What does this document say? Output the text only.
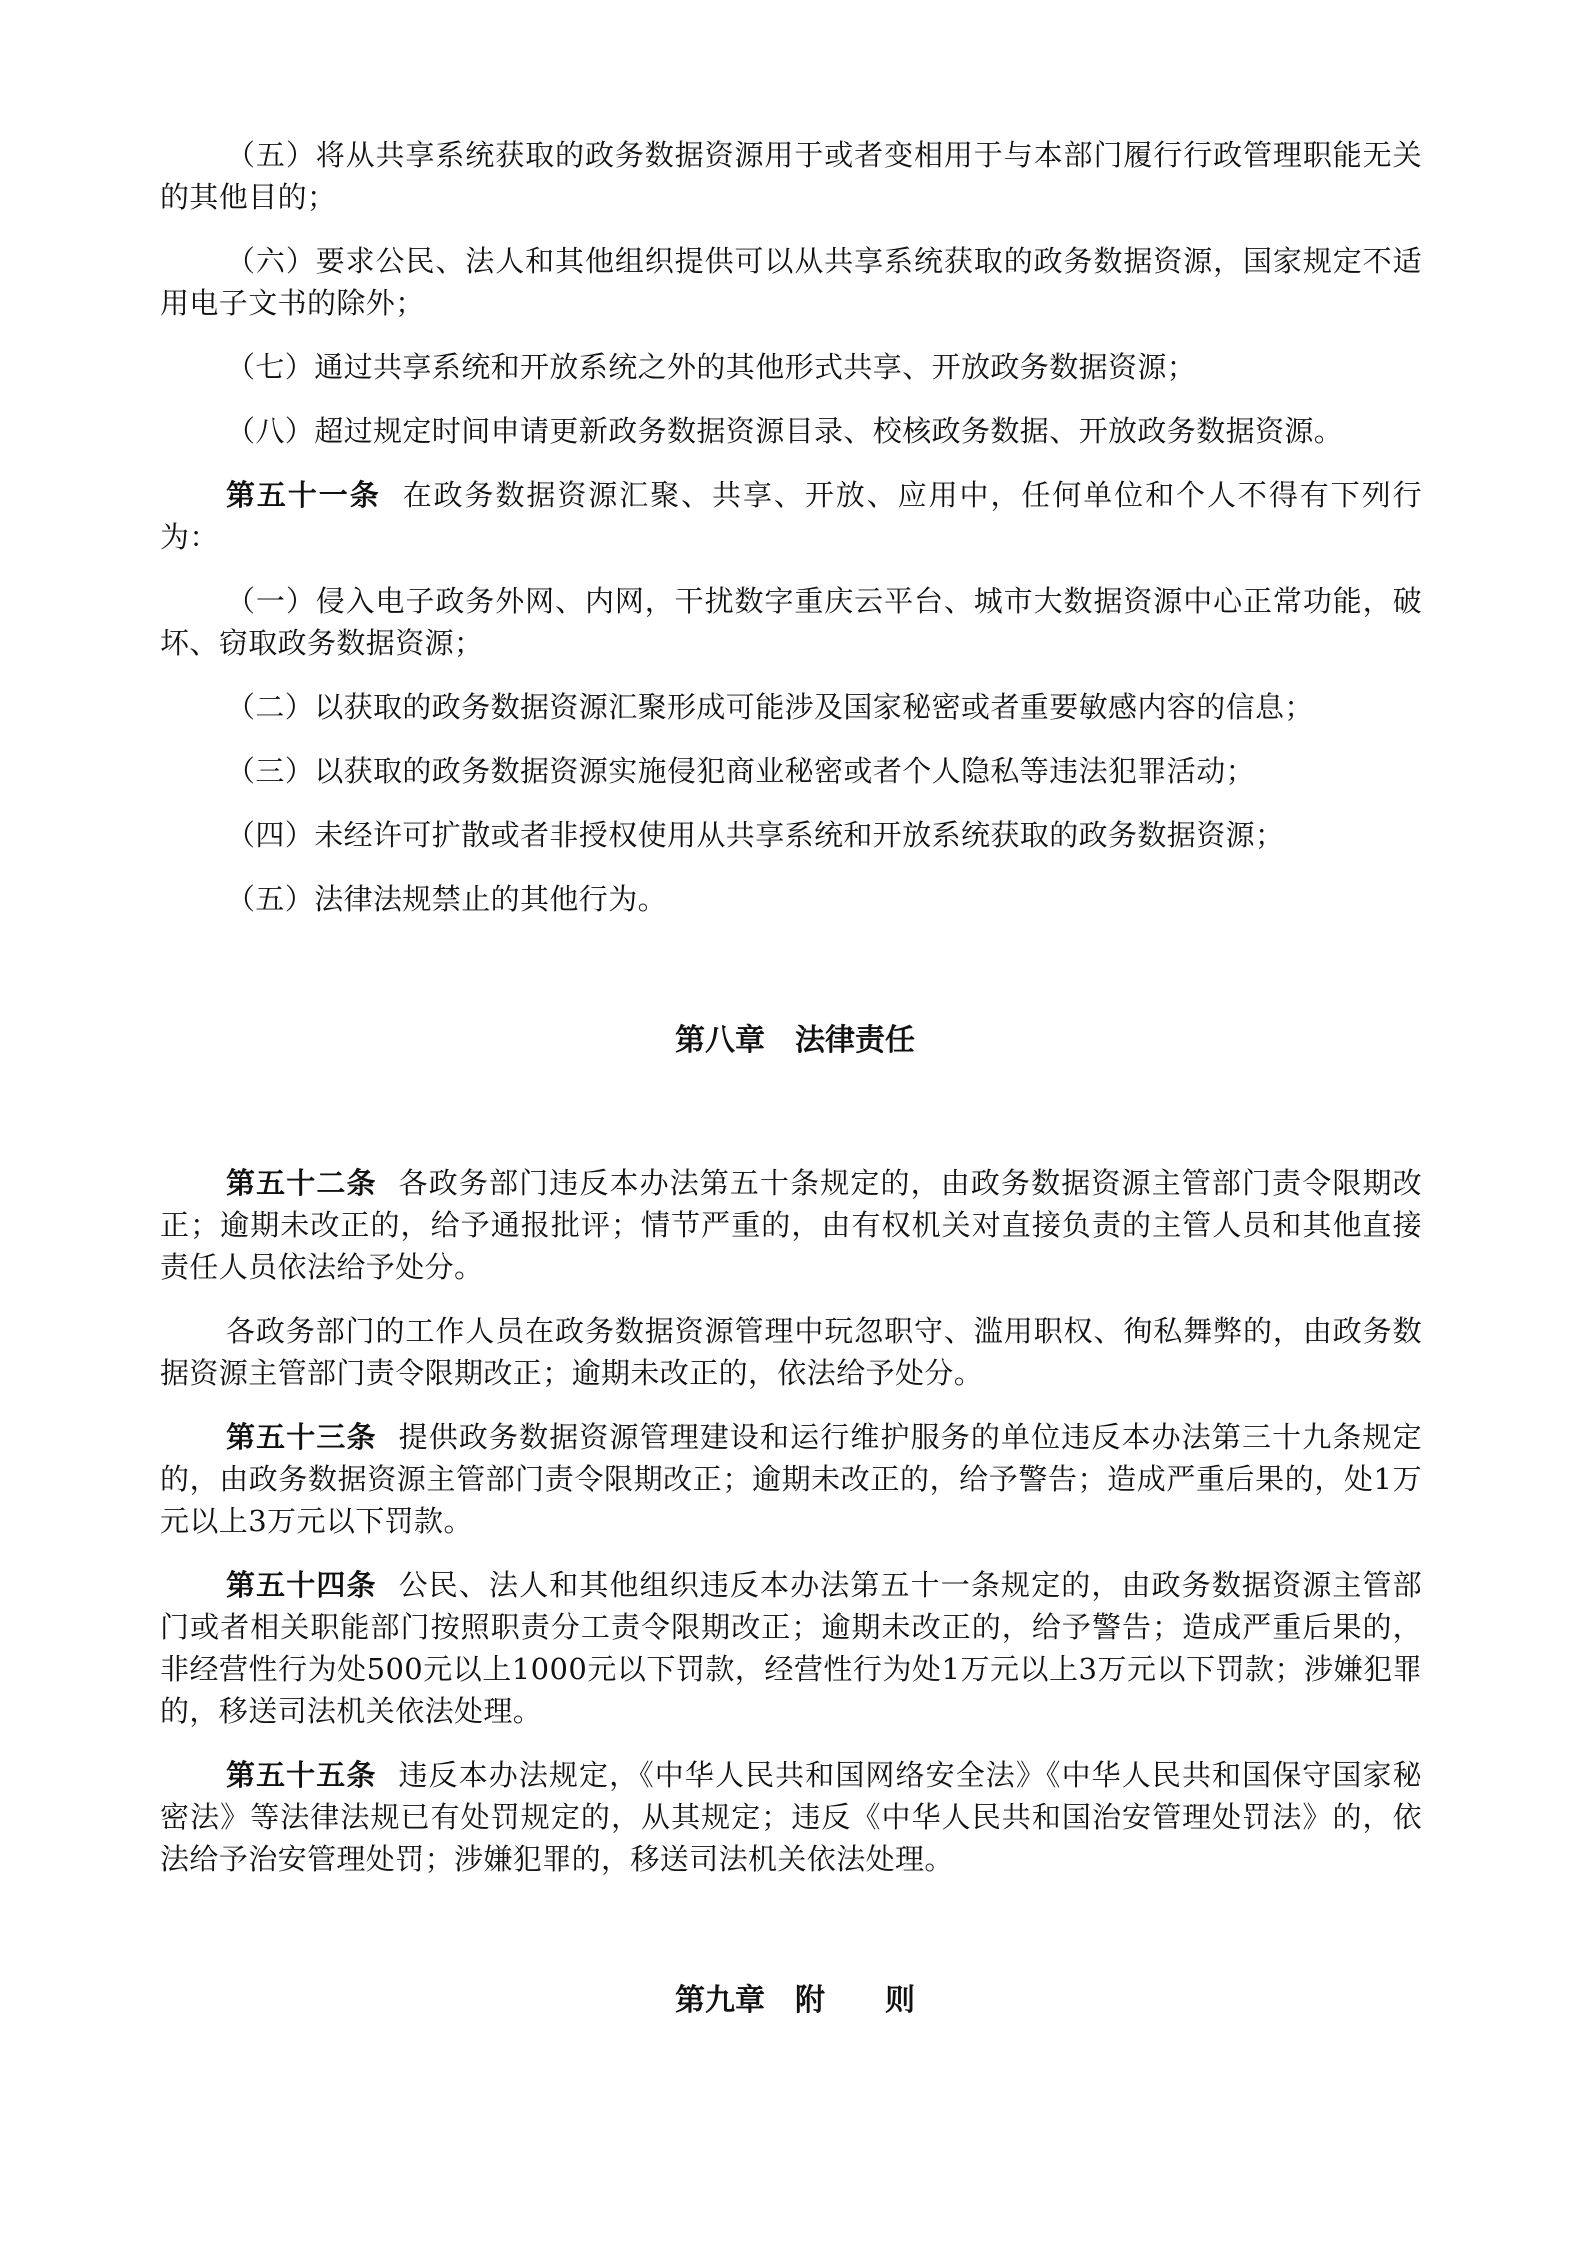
（五）将从共享系统获取的政务数据资源用于或者变相用于与本部门履行行政管理职能无关的其他目的；

（六）要求公民、法人和其他组织提供可以从共享系统获取的政务数据资源，国家规定不适用电子文书的除外；

（七）通过共享系统和开放系统之外的其他形式共享、开放政务数据资源；

（八）超过规定时间申请更新政务数据资源目录、校核政务数据、开放政务数据资源。

第五十一条 在政务数据资源汇聚、共享、开放、应用中，任何单位和个人不得有下列行为：

（一）侵入电子政务外网、内网，干扰数字重庆云平台、城市大数据资源中心正常功能，破坏、窃取政务数据资源；

（二）以获取的政务数据资源汇聚形成可能涉及国家秘密或者重要敏感内容的信息；

（三）以获取的政务数据资源实施侵犯商业秘密或者个人隐私等违法犯罪活动；

（四）未经许可扩散或者非授权使用从共享系统和开放系统获取的政务数据资源；

（五）法律法规禁止的其他行为。

第八章　法律责任

第五十二条 各政务部门违反本办法第五十条规定的，由政务数据资源主管部门责令限期改正；逾期未改正的，给予通报批评；情节严重的，由有权机关对直接负责的主管人员和其他直接责任人员依法给予处分。

各政务部门的工作人员在政务数据资源管理中玩忽职守、滥用职权、徇私舞弊的，由政务数据资源主管部门责令限期改正；逾期未改正的，依法给予处分。

第五十三条 提供政务数据资源管理建设和运行维护服务的单位违反本办法第三十九条规定的，由政务数据资源主管部门责令限期改正；逾期未改正的，给予警告；造成严重后果的，处1万元以上3万元以下罚款。

第五十四条 公民、法人和其他组织违反本办法第五十一条规定的，由政务数据资源主管部门或者相关职能部门按照职责分工责令限期改正；逾期未改正的，给予警告；造成严重后果的，非经营性行为处500元以上1000元以下罚款，经营性行为处1万元以上3万元以下罚款；涉嫌犯罪的，移送司法机关依法处理。

第五十五条 违反本办法规定，《中华人民共和国网络安全法》《中华人民共和国保守国家秘密法》等法律法规已有处罚规定的，从其规定；违反《中华人民共和国治安管理处罚法》的，依法给予治安管理处罚；涉嫌犯罪的，移送司法机关依法处理。

第九章　附　　则
